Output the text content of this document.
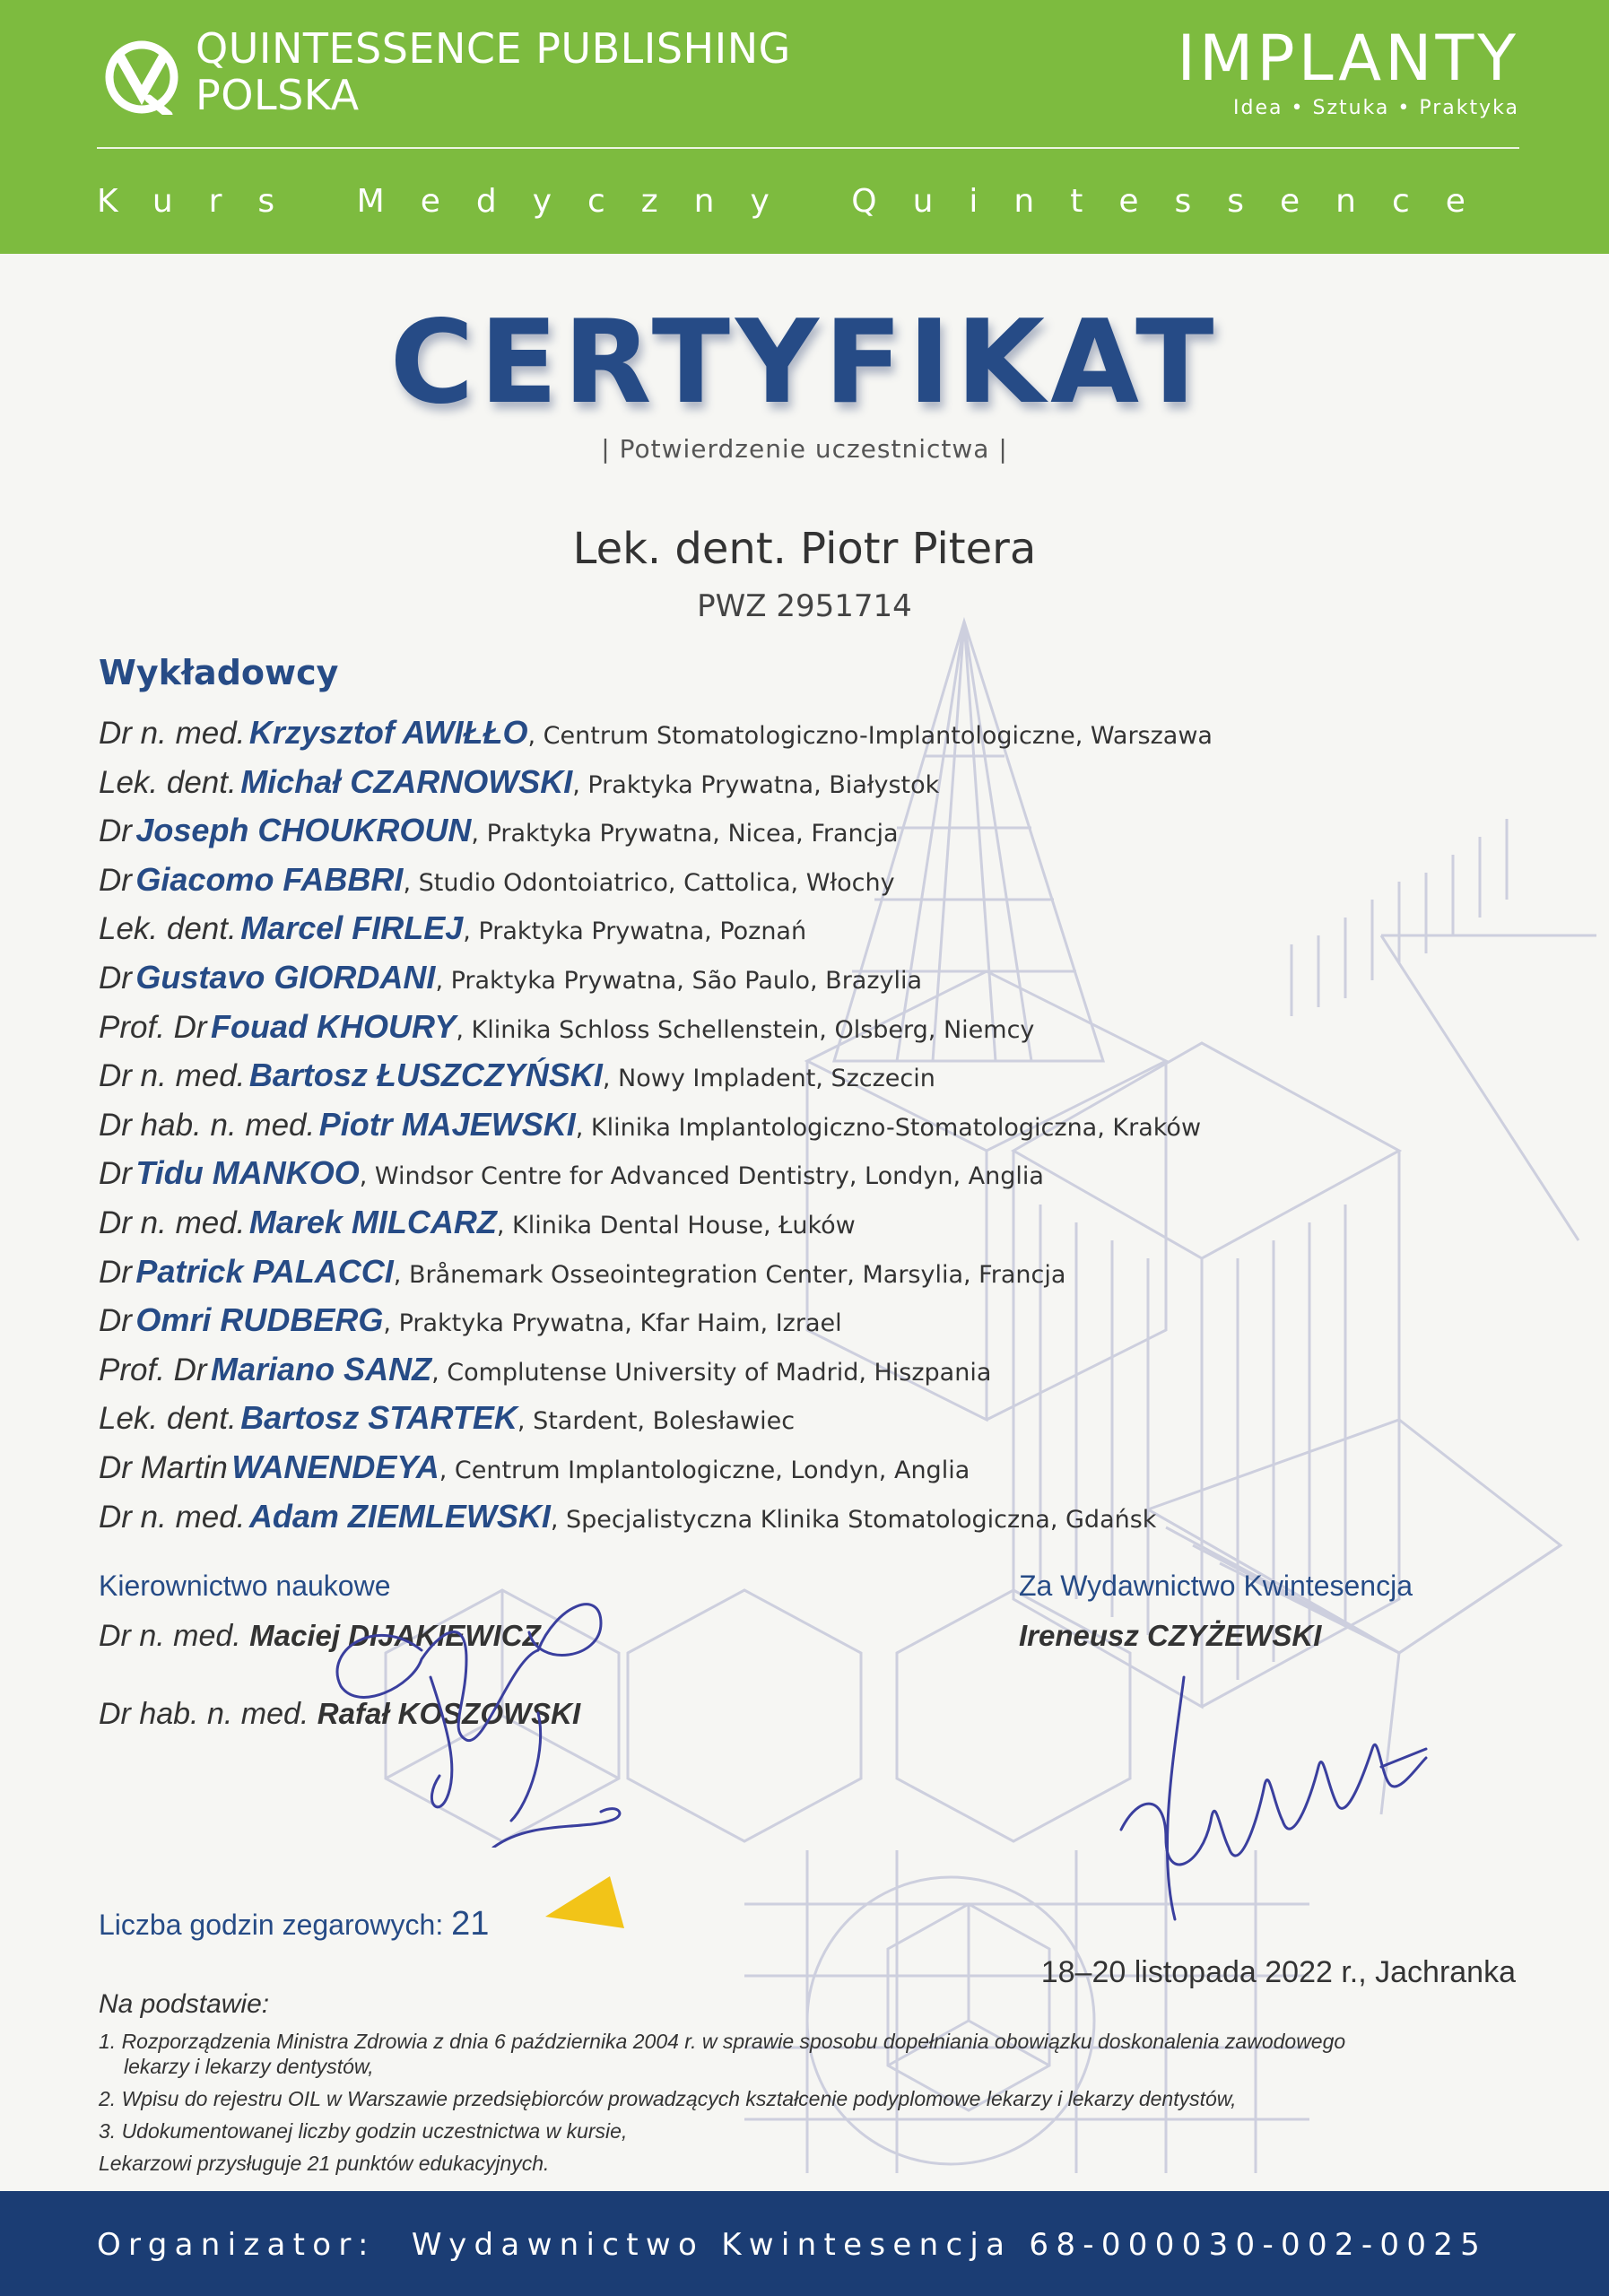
QUINTESSENCE PUBLISHING
POLSKA	IMPLANTY
Idea • Sztuka • Praktyka
Kurs Medyczny Quintessence
CERTYFIKAT
| Potwierdzenie uczestnictwa |
Lek. dent. Piotr Pitera
PWZ 2951714
Wykładowcy
Dr n. med. Krzysztof AWIŁŁO, Centrum Stomatologiczno-Implantologiczne, Warszawa
Lek. dent. Michał CZARNOWSKI, Praktyka Prywatna, Białystok
Dr Joseph CHOUKROUN, Praktyka Prywatna, Nicea, Francja
Dr Giacomo FABBRI, Studio Odontoiatrico, Cattolica, Włochy
Lek. dent. Marcel FIRLEJ, Praktyka Prywatna, Poznań
Dr Gustavo GIORDANI, Praktyka Prywatna, São Paulo, Brazylia
Prof. Dr Fouad KHOURY, Klinika Schloss Schellenstein, Olsberg, Niemcy
Dr n. med. Bartosz ŁUSZCZYŃSKI, Nowy Impladent, Szczecin
Dr hab. n. med. Piotr MAJEWSKI, Klinika Implantologiczno-Stomatologiczna, Kraków
Dr Tidu MANKOO, Windsor Centre for Advanced Dentistry, Londyn, Anglia
Dr n. med. Marek MILCARZ, Klinika Dental House, Łuków
Dr Patrick PALACCI, Brånemark Osseointegration Center, Marsylia, Francja
Dr Omri RUDBERG, Praktyka Prywatna, Kfar Haim, Izrael
Prof. Dr Mariano SANZ, Complutense University of Madrid, Hiszpania
Lek. dent. Bartosz STARTEK, Stardent, Bolesławiec
Dr Martin WANENDEYA, Centrum Implantologiczne, Londyn, Anglia
Dr n. med. Adam ZIEMLEWSKI, Specjalistyczna Klinika Stomatologiczna, Gdańsk
Kierownictwo naukowe
Dr n. med. Maciej DIJAKIEWICZ
Dr hab. n. med. Rafał KOSZOWSKI
Za Wydawnictwo Kwintesencja
Ireneusz CZYŻEWSKI
Liczba godzin zegarowych: 21
18–20 listopada 2022 r., Jachranka
Na podstawie:
1. Rozporządzenia Ministra Zdrowia z dnia 6 października 2004 r. w sprawie sposobu dopełniania obowiązku doskonalenia zawodowego
lekarzy i lekarzy dentystów,
2. Wpisu do rejestru OIL w Warszawie przedsiębiorców prowadzących kształcenie podyplomowe lekarzy i lekarzy dentystów,
3. Udokumentowanej liczby godzin uczestnictwa w kursie,
Lekarzowi przysługuje 21 punktów edukacyjnych.
Organizator: Wydawnictwo Kwintesencja 68-000030-002-0025
